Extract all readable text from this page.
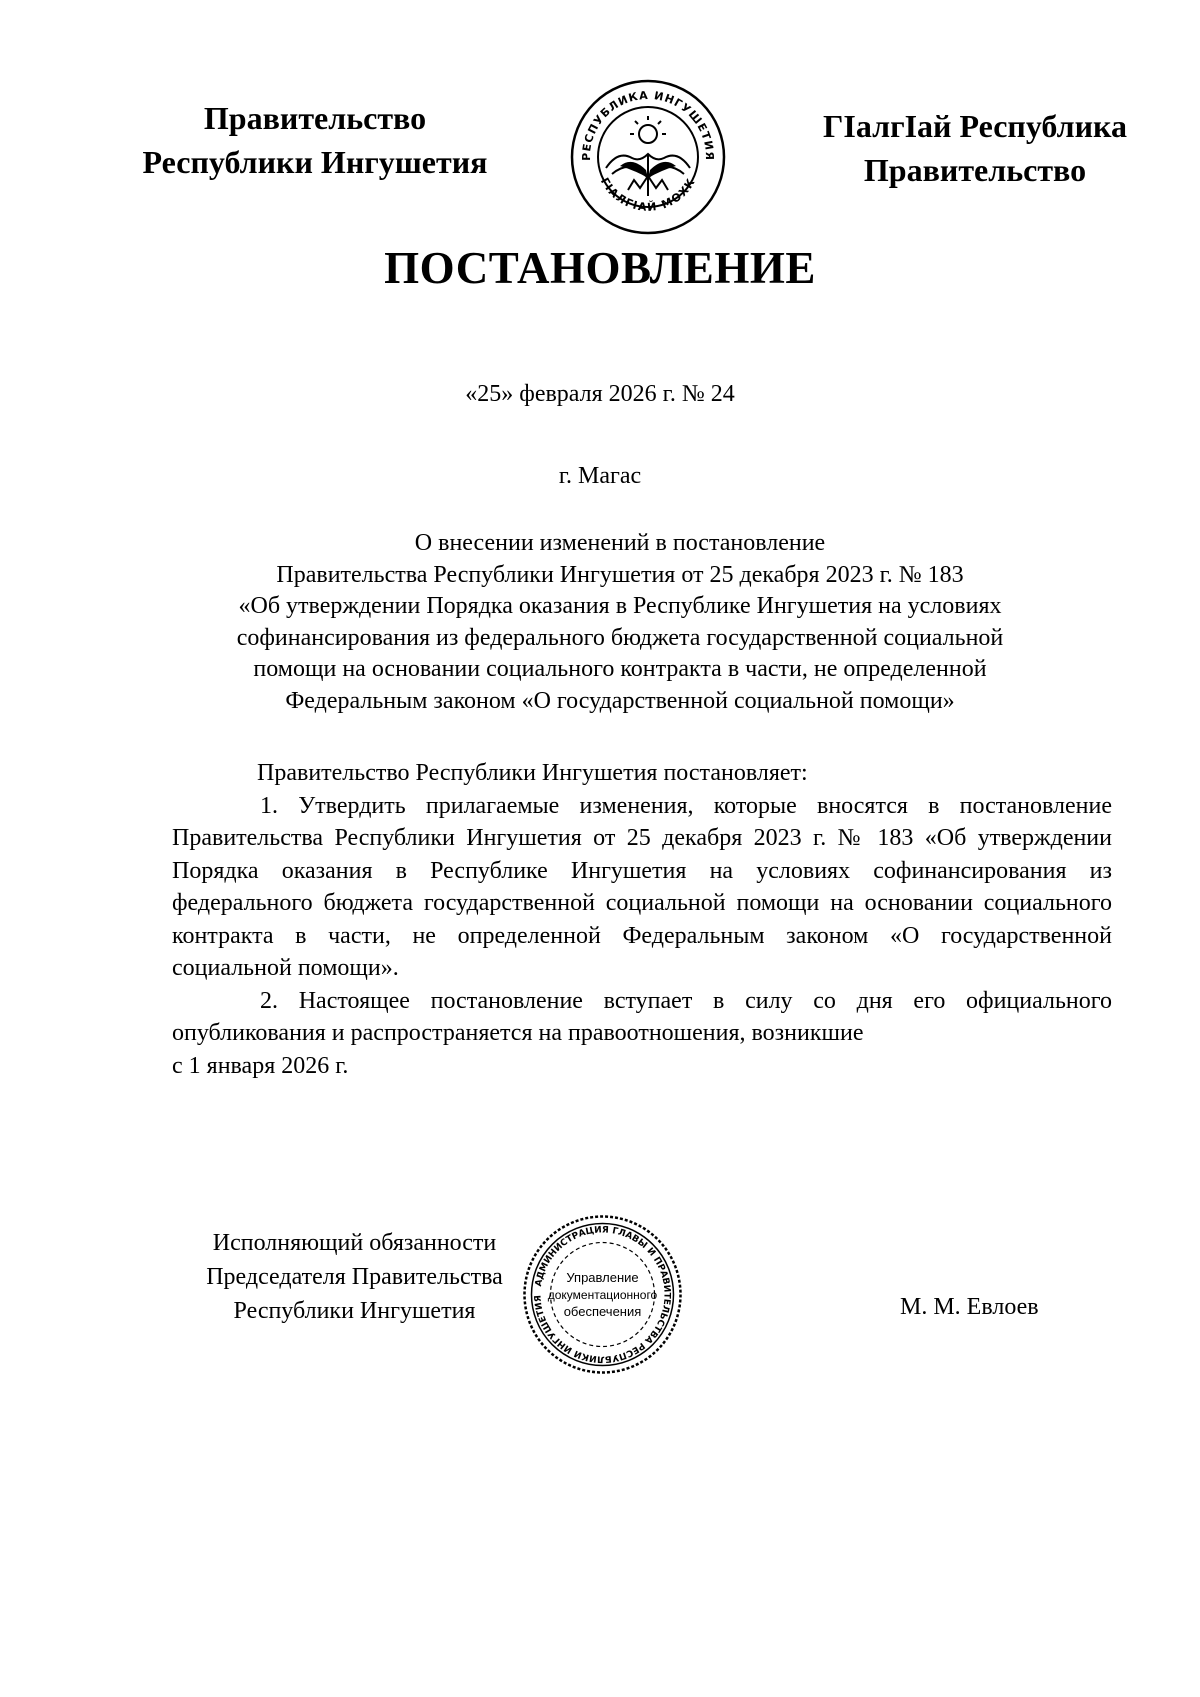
Правительство
Республики Ингушетия	РЕСПУБЛИКА ИНГУШЕТИЯ
ГIАЛГIАЙ МОХК
ГIалгIай Республика
Правительство
ПОСТАНОВЛЕНИЕ
«25» февраля 2026 г. № 24
г. Магас
О внесении изменений в постановление
Правительства Республики Ингушетия от 25 декабря 2023 г. № 183
«Об утверждении Порядка оказания в Республике Ингушетия на условиях
софинансирования из федерального бюджета государственной социальной
помощи на основании социального контракта в части, не определенной
Федеральным законом «О государственной социальной помощи»
Правительство Республики Ингушетия постановляет:
1. Утвердить прилагаемые изменения, которые вносятся в постановление Правительства Республики Ингушетия от 25 декабря 2023 г. № 183 «Об утверждении Порядка оказания в Республике Ингушетия на условиях софинансирования из федерального бюджета государственной социальной помощи на основании социального контракта в части, не определенной Федеральным законом «О государственной социальной помощи».
2. Настоящее постановление вступает в силу со дня его официального опубликования и распространяется на правоотношения, возникшие
с 1 января 2026 г.
Исполняющий обязанности
Председателя Правительства
Республики Ингушетия
АДМИНИСТРАЦИЯ ГЛАВЫ И ПРАВИТЕЛЬСТВА РЕСПУБЛИКИ ИНГУШЕТИЯ
Управление
документационного
обеспечения	М. М. Евлоев
